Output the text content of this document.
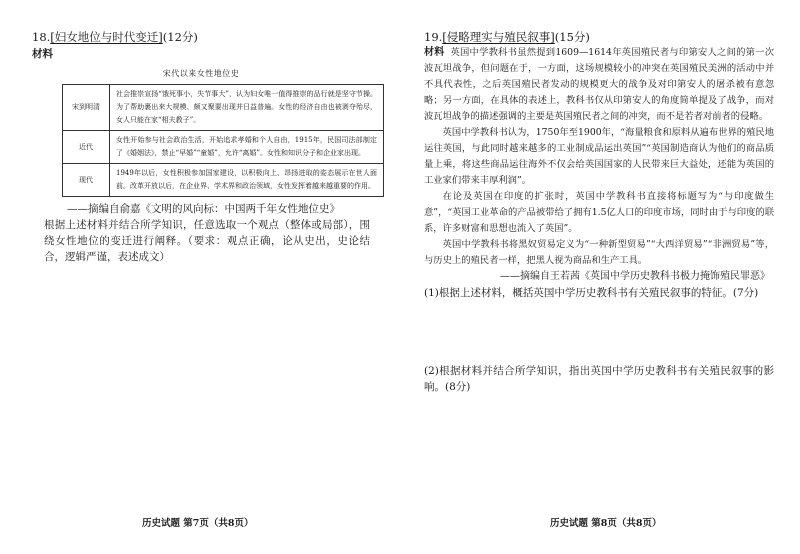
18.[妇女地位与时代变迁](12分)
材料
宋代以来女性地位史
宋到明清	社会推崇宣扬“饿死事小，失节事大”，认为妇女唯一值得推崇的品行就是坚守节操。为了帮助裹出来大规模、颇又聚要出现并日益普遍。女性的经济自由也被剥夺殆尽，女人只能在家“相夫教子”。
近代	女性开始参与社会政治生活，开始追求孝婚和个人自由，1915年，民国司法部制定了《婚姻法》，禁止“早婚”“童婚”，允许“离婚”。女性和知识分子和企业家出现。
现代	1949年以后，女性积极参加国家建设，以积极向上、昂扬进取的姿态展示在世人面前。改革开放以后，在企业界、学术界和政治领域，女性发挥着越来越重要的作用。
——摘编自俞嘉《文明的风向标：中国两千年女性地位史》
根据上述材料并结合所学知识，任意选取一个观点（整体或局部），围绕女性地位的变迁进行阐释。（要求：观点正确，论从史出，史论结合，逻辑严谨，表述成文）
历史试题 第7页（共8页）
19.[侵略理实与殖民叙事](15分)

材料 英国中学教科书虽然提到1609—1614年英国殖民者与印第安人之间的第一次波瓦坦战争，但问题在于，一方面，这场规模较小的冲突在英国殖民美洲的活动中并不具代表性，之后英国殖民者发动的规模更大的战争及对印第安人的屠杀被有意忽略；另一方面，在具体的表述上，教科书仅从印第安人的角度简单提及了战争，而对波瓦坦战争的描述强调的主要是英国殖民者之间的冲突，而不是若者对前者的侵略。

英国中学教科书认为，1750年至1900年，“海量粮食和原料从遍布世界的殖民地运往英国，与此同时越来越多的工业制成品运出英国”“英国制造商认为他们的商品质量上乘，将这些商品运往海外不仅会给英国国家的人民带来巨大益处，还能为英国的工业家们带来丰厚利润”。

在论及英国在印度的扩张时，英国中学教科书直接将标题写为“与印度做生意”，“英国工业革命的产品被带给了拥有1.5亿人口的印度市场，同时由于与印度的联系，许多财富和思想也流入了英国”。

英国中学教科书将黑奴贸易定义为“一种新型贸易”“大西洋贸易”“非洲贸易”等，与历史上的殖民者一样，把黑人视为商品和生产工具。

——摘编自王若茜《英国中学历史教科书极力掩饰殖民罪恶》
(1)根据上述材料，概括英国中学历史教科书有关殖民叙事的特征。(7分)
(2)根据材料并结合所学知识，指出英国中学历史教科书有关殖民叙事的影响。(8分)
历史试题 第8页（共8页）
